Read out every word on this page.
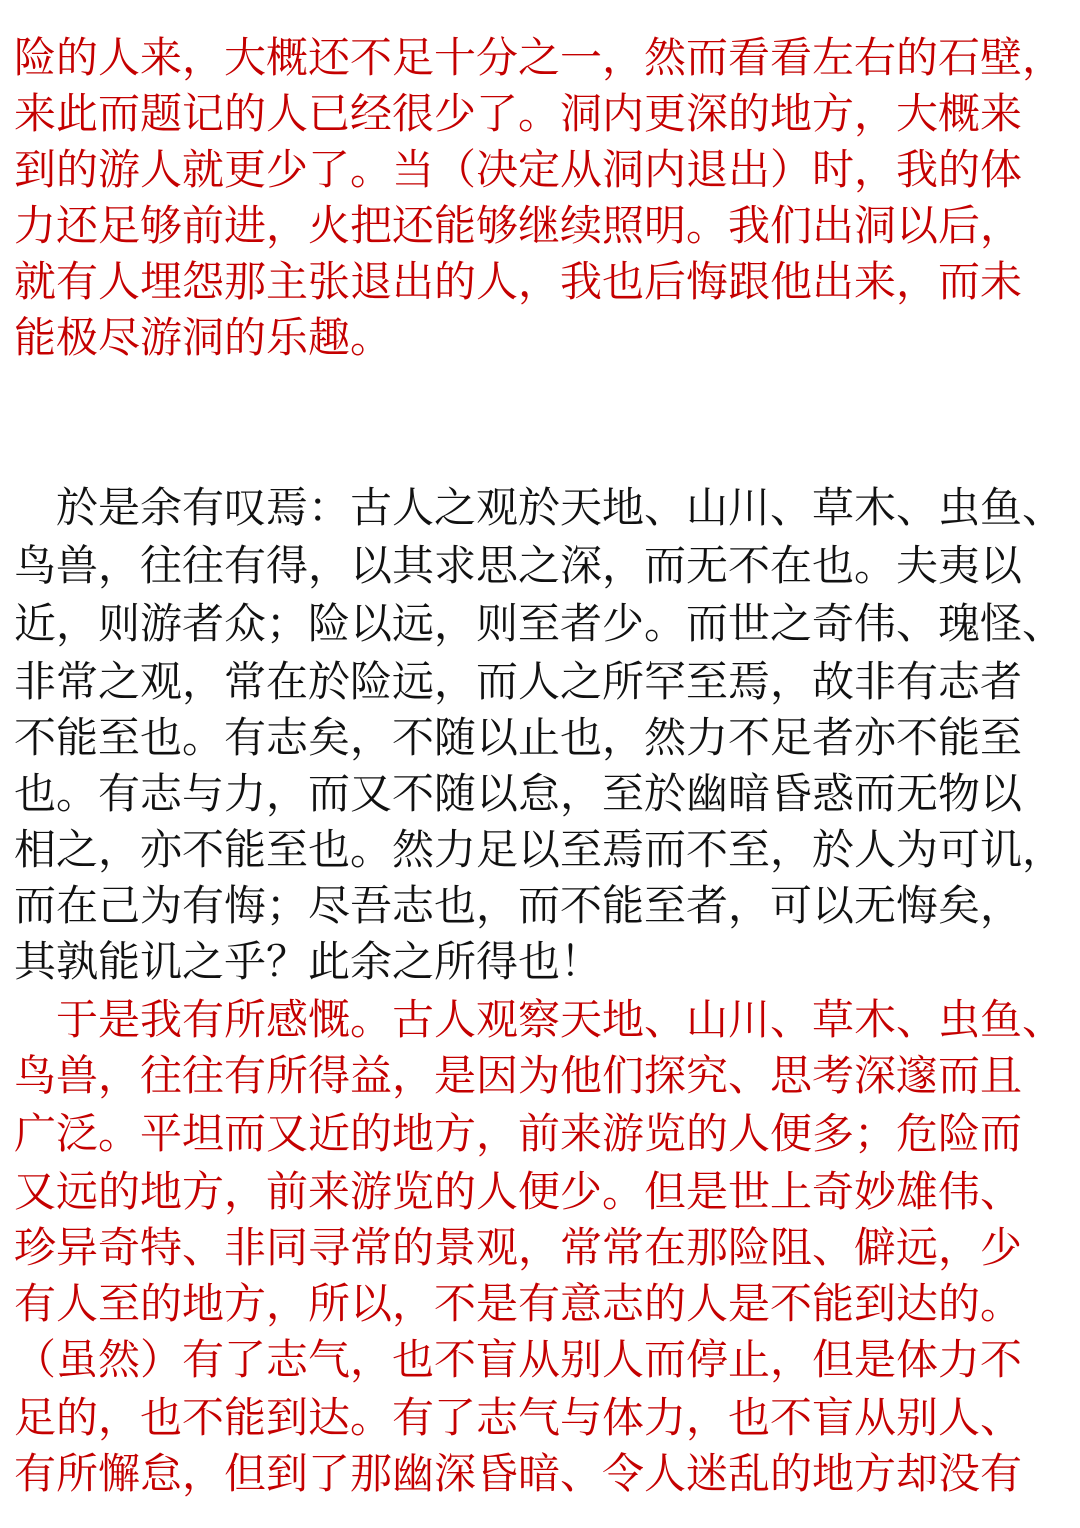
险的人来，大概还不足十分之一，然而看看左右的石壁，
来此而题记的人已经很少了。洞内更深的地方，大概来
到的游人就更少了。当（决定从洞内退出）时，我的体
力还足够前进，火把还能够继续照明。我们出洞以后，
就有人埋怨那主张退出的人，我也后悔跟他出来，而未
能极尽游洞的乐趣。
　於是余有叹焉：古人之观於天地、山川、草木、虫鱼、
鸟兽，往往有得，以其求思之深，而无不在也。夫夷以
近，则游者众；险以远，则至者少。而世之奇伟、瑰怪、
非常之观，常在於险远，而人之所罕至焉，故非有志者
不能至也。有志矣，不随以止也，然力不足者亦不能至
也。有志与力，而又不随以怠，至於幽暗昏惑而无物以
相之，亦不能至也。然力足以至焉而不至，於人为可讥，
而在己为有悔；尽吾志也，而不能至者，可以无悔矣，
其孰能讥之乎？此余之所得也！
　于是我有所感慨。古人观察天地、山川、草木、虫鱼、
鸟兽，往往有所得益，是因为他们探究、思考深邃而且
广泛。平坦而又近的地方，前来游览的人便多；危险而
又远的地方，前来游览的人便少。但是世上奇妙雄伟、
珍异奇特、非同寻常的景观，常常在那险阻、僻远，少
有人至的地方，所以，不是有意志的人是不能到达的。
（虽然）有了志气，也不盲从别人而停止，但是体力不
足的，也不能到达。有了志气与体力，也不盲从别人、
有所懈怠，但到了那幽深昏暗、令人迷乱的地方却没有
